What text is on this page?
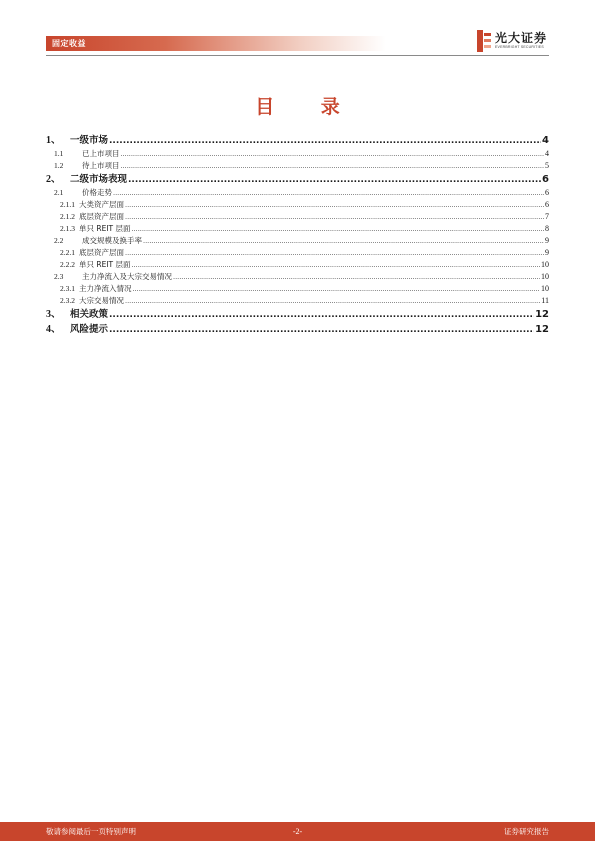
固定收益	光大证券
EVERBRIGHT SECURITIES
目 录
1、 一级市场 .....	4
1.1	已上市项目 .....	4
1.2	待上市项目 .....	5
2、 二级市场表现 .....	6
2.1	价格走势 .....	6
2.1.1 大类资产层面 .....	6
2.1.2 底层资产层面 .....	7
2.1.3 单只 REIT 层面 .....	8
2.2	成交规模及换手率 .....	9
2.2.1 底层资产层面 .....	9
2.2.2 单只 REIT 层面 .....	10
2.3	主力净流入及大宗交易情况 .....	10
2.3.1 主力净流入情况 .....	10
2.3.2 大宗交易情况 .....	11
3、 相关政策 .....	12
4、 风险提示 .....	12
敬请参阅最后一页特别声明	-2-	证券研究报告
